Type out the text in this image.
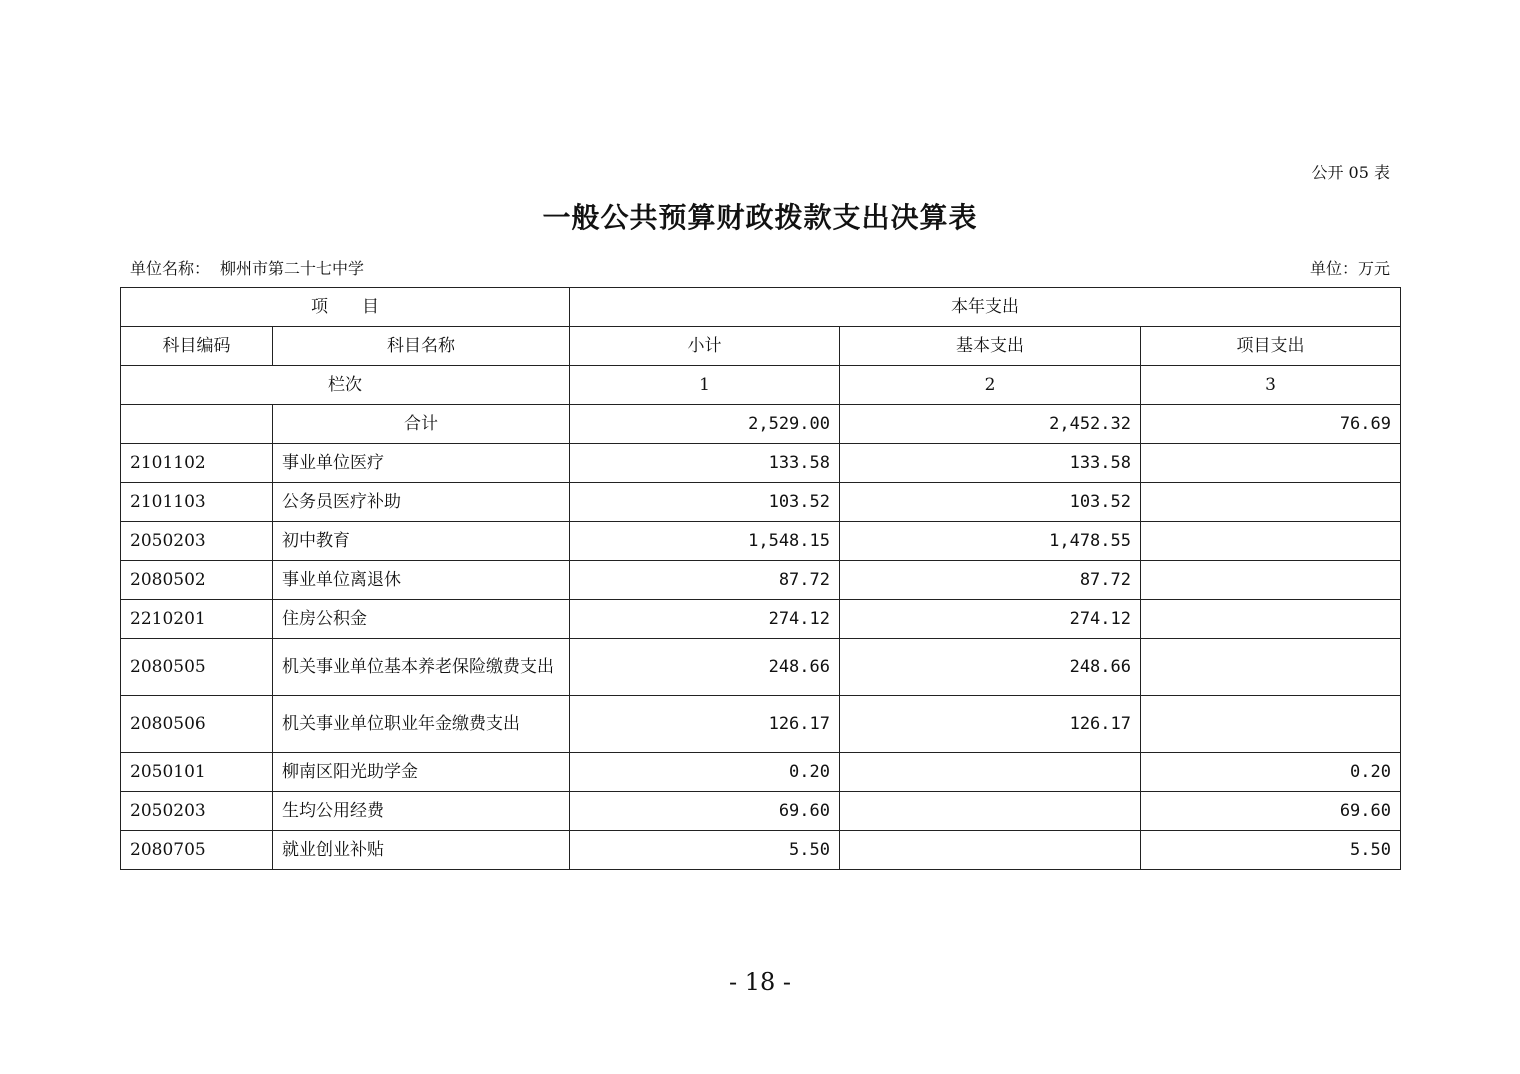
公开 05 表
一般公共预算财政拨款支出决算表
单位名称： 柳州市第二十七中学	单位：万元
项　　目		本年支出		
科目编码	科目名称	小计	基本支出	项目支出
栏次		1	2	3
	合计	2,529.00	2,452.32	76.69
2101102	事业单位医疗	133.58	133.58	
2101103	公务员医疗补助	103.52	103.52	
2050203	初中教育	1,548.15	1,478.55	
2080502	事业单位离退休	87.72	87.72	
2210201	住房公积金	274.12	274.12	
2080505	机关事业单位基本养老保险缴费支出	248.66	248.66	
2080506	机关事业单位职业年金缴费支出	126.17	126.17	
2050101	柳南区阳光助学金	0.20		0.20
2050203	生均公用经费	69.60		69.60
2080705	就业创业补贴	5.50		5.50
- 18 -
